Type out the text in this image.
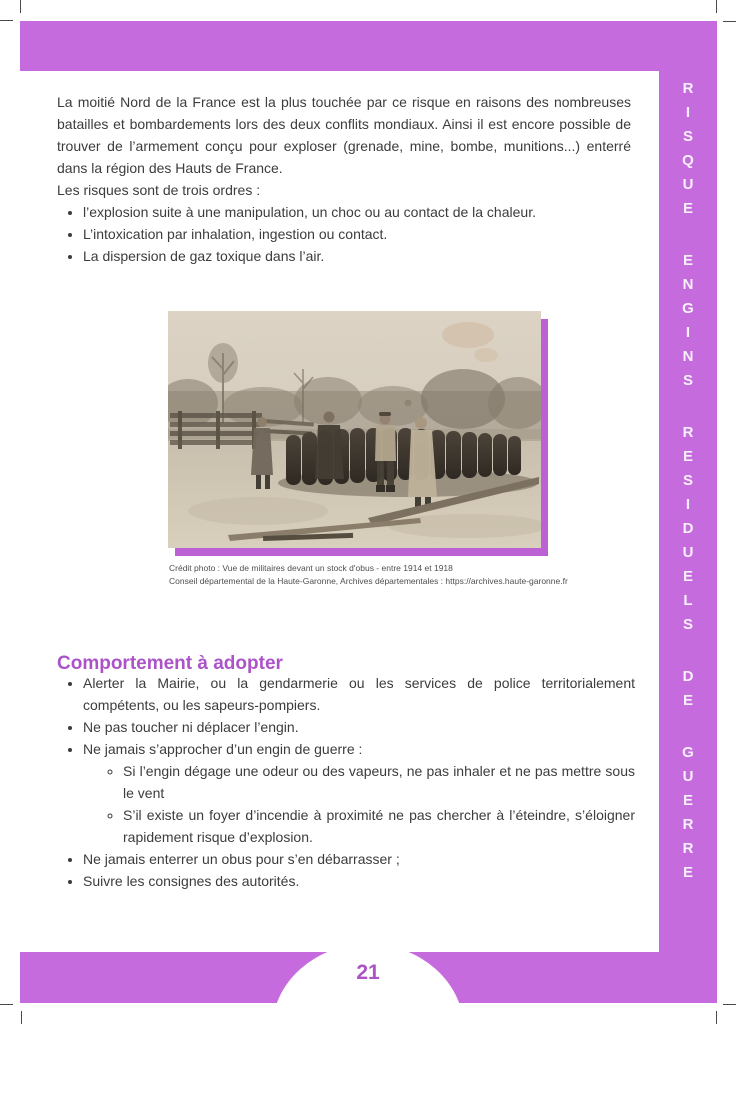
R
I
S
Q
U
E
E
N
G
I
N
S
R
E
S
I
D
U
E
L
S
D
E
G
U
E
R
R
E

La moitié Nord de la France est la plus touchée par ce risque en raisons des nombreuses batailles et bombardements lors des deux conflits mondiaux. Ainsi il est encore possible de trouver de l’armement conçu pour exploser (grenade, mine, bombe, munitions...) enterré dans la région des Hauts de France.

Les risques sont de trois ordres :

• l’explosion suite à une manipulation, un choc ou au contact de la chaleur.
• L’intoxication par inhalation, ingestion ou contact.
• La dispersion de gaz toxique dans l’air.
Crédit photo : Vue de militaires devant un stock d'obus - entre 1914 et 1918
Conseil départemental de la Haute-Garonne, Archives départementales : https://archives.haute-garonne.fr
Comportement à adopter
• Alerter la Mairie, ou la gendarmerie ou les services de police territorialement compétents, ou les sapeurs-pompiers.
• Ne pas toucher ni déplacer l’engin.
• Ne jamais s’approcher d’un engin de guerre :
◦ Si l’engin dégage une odeur ou des vapeurs, ne pas inhaler et ne pas mettre sous le vent
◦ S’il existe un foyer d’incendie à proximité ne pas chercher à l’éteindre, s’éloigner rapidement risque d’explosion.
• Ne jamais enterrer un obus pour s’en débarrasser ;
• Suivre les consignes des autorités.
21
